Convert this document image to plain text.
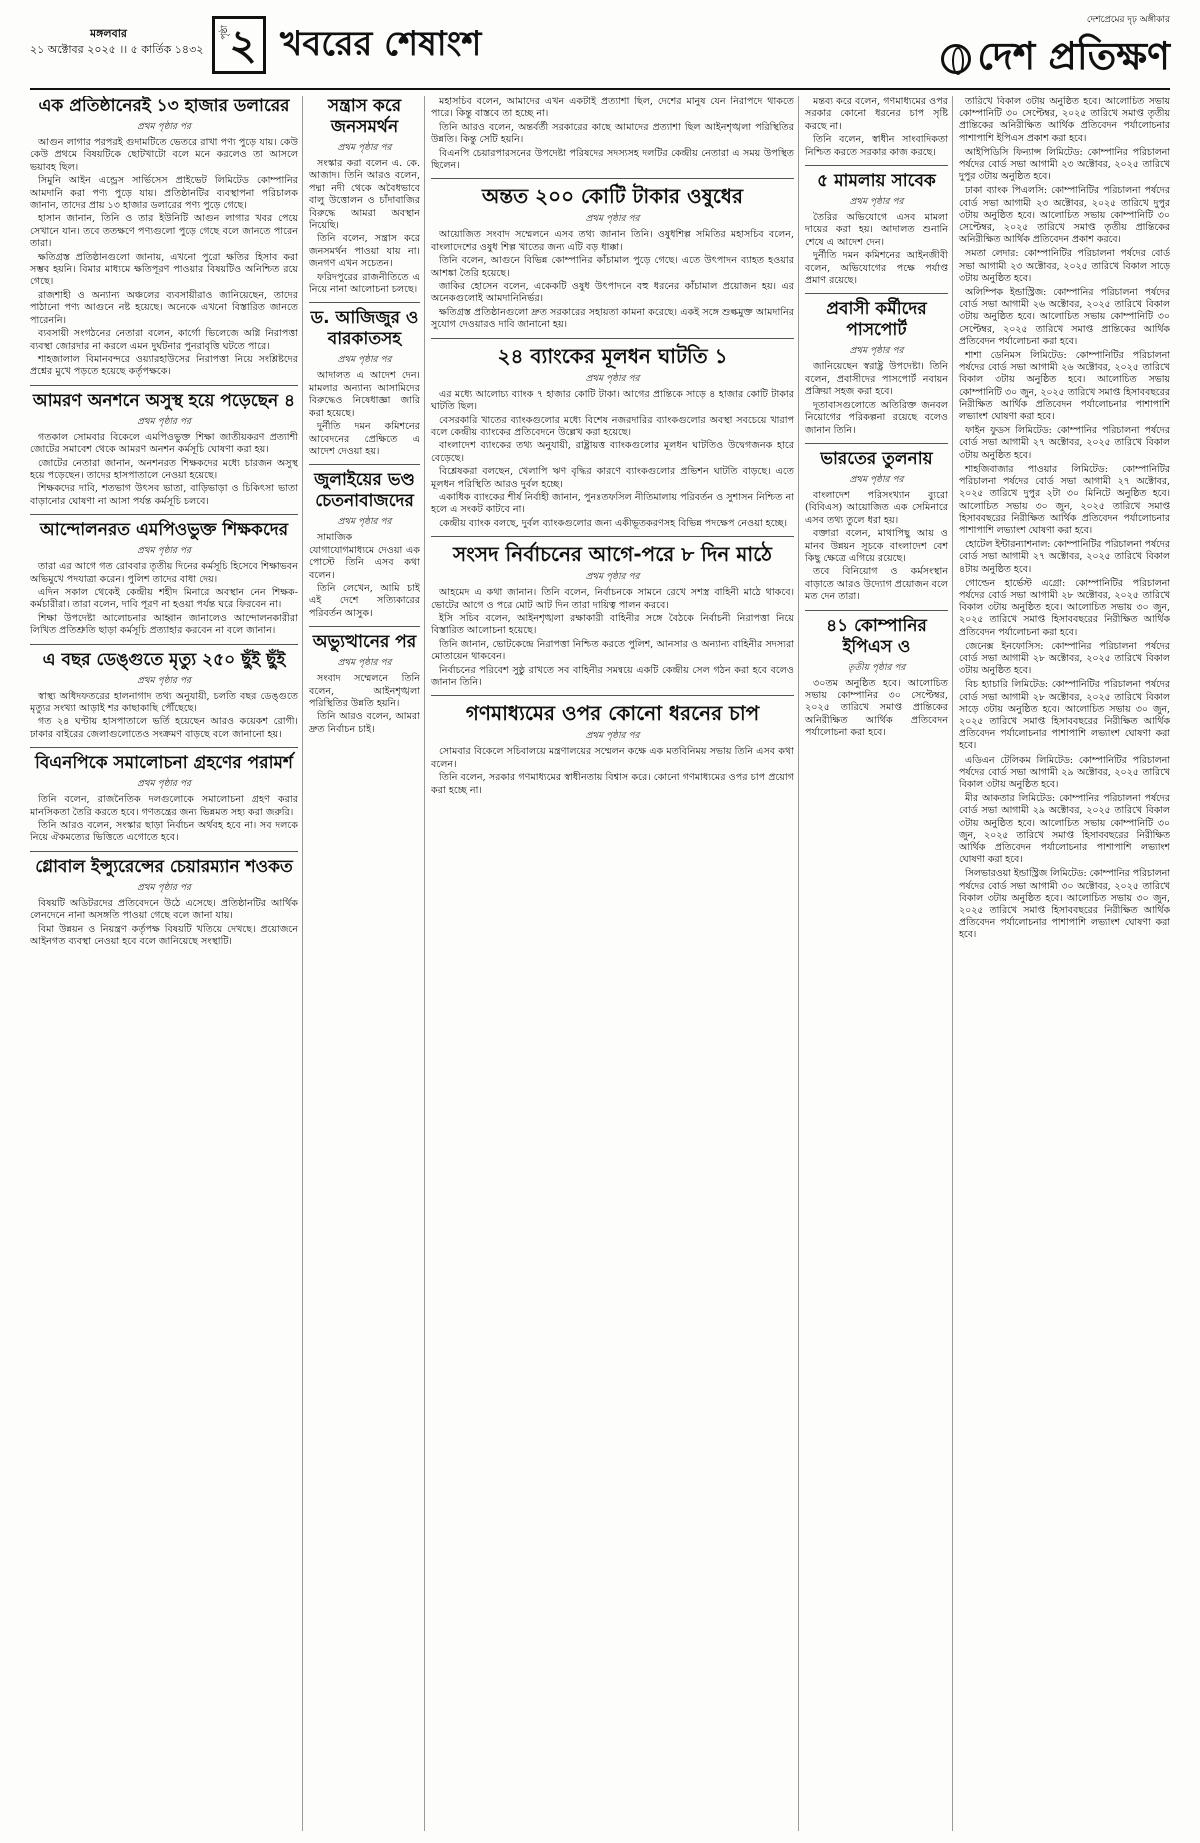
মঙ্গলবার
২১ অক্টোবর ২০২৫ ।। ৫ কার্তিক ১৪৩২
পৃষ্ঠা ২ খবরের শেষাংশ
দেশপ্রেমের দৃঢ় অঙ্গীকার
দেশ প্রতিক্ষণ
এক প্রতিষ্ঠানেরই ১৩ হাজার ডলারের
প্রথম পৃষ্ঠার পর

আগুন লাগার পরপরই গুদামটিতে ভেতরে রাখা পণ্য পুড়ে যায়। কেউ কেউ প্রথমে বিষয়টিকে ছোটখাটো বলে মনে করলেও তা আসলে ভয়াবহ ছিল।

সিমুনি আইন এন্ড্রেস সার্ভিসেস প্রাইভেট লিমিটেড কোম্পানির আমদানি করা পণ্য পুড়ে যায়। প্রতিষ্ঠানটির ব্যবস্থাপনা পরিচালক জানান, তাদের প্রায় ১৩ হাজার ডলারের পণ্য পুড়ে গেছে।

হাসান জানান, তিনি ও তার ইউনিটি আগুন লাগার খবর পেয়ে সেখানে যান। তবে ততক্ষণে পণ্যগুলো পুড়ে গেছে বলে জানতে পারেন তারা।

ক্ষতিগ্রস্ত প্রতিষ্ঠানগুলো জানায়, এখনো পুরো ক্ষতির হিসাব করা সম্ভব হয়নি। বিমার মাধ্যমে ক্ষতিপূরণ পাওয়ার বিষয়টিও অনিশ্চিত রয়ে গেছে।

রাজশাহী ও অন্যান্য অঞ্চলের ব্যবসায়ীরাও জানিয়েছেন, তাদের পাঠানো পণ্য আগুনে নষ্ট হয়েছে। অনেকে এখনো বিস্তারিত জানতে পারেননি।

ব্যবসায়ী সংগঠনের নেতারা বলেন, কার্গো ভিলেজে অগ্নি নিরাপত্তা ব্যবস্থা জোরদার না করলে এমন দুর্ঘটনার পুনরাবৃত্তি ঘটতে পারে।

শাহজালাল বিমানবন্দরে ওয়্যারহাউসের নিরাপত্তা নিয়ে সংশ্লিষ্টদের প্রশ্নের মুখে পড়তে হয়েছে কর্তৃপক্ষকে।

আমরণ অনশনে অসুস্থ হয়ে পড়েছেন ৪
প্রথম পৃষ্ঠার পর

গতকাল সোমবার বিকেলে এমপিওভুক্ত শিক্ষা জাতীয়করণ প্রত্যাশী জোটের সমাবেশ থেকে আমরণ অনশন কর্মসূচি ঘোষণা করা হয়।

জোটের নেতারা জানান, অনশনরত শিক্ষকদের মধ্যে চারজন অসুস্থ হয়ে পড়েছেন। তাদের হাসপাতালে নেওয়া হয়েছে।

শিক্ষকদের দাবি, শতভাগ উৎসব ভাতা, বাড়িভাড়া ও চিকিৎসা ভাতা বাড়ানোর ঘোষণা না আসা পর্যন্ত কর্মসূচি চলবে।

আন্দোলনরত এমপিওভুক্ত শিক্ষকদের
প্রথম পৃষ্ঠার পর

তারা এর আগে গত রোববার তৃতীয় দিনের কর্মসূচি হিসেবে শিক্ষাভবন অভিমুখে পদযাত্রা করেন। পুলিশ তাদের বাধা দেয়।

এদিন সকাল থেকেই কেন্দ্রীয় শহীদ মিনারে অবস্থান নেন শিক্ষক-কর্মচারীরা। তারা বলেন, দাবি পূরণ না হওয়া পর্যন্ত ঘরে ফিরবেন না।

শিক্ষা উপদেষ্টা আলোচনার আহ্বান জানালেও আন্দোলনকারীরা লিখিত প্রতিশ্রুতি ছাড়া কর্মসূচি প্রত্যাহার করবেন না বলে জানান।

এ বছর ডেঙ্গুতে মৃত্যু ২৫০ ছুঁই ছুঁই
প্রথম পৃষ্ঠার পর

স্বাস্থ্য অধিদফতরের হালনাগাদ তথ্য অনুযায়ী, চলতি বছর ডেঙ্গুতে মৃত্যুর সংখ্যা আড়াই শর কাছাকাছি পৌঁছেছে।

গত ২৪ ঘণ্টায় হাসপাতালে ভর্তি হয়েছেন আরও কয়েকশ রোগী। ঢাকার বাইরের জেলাগুলোতেও সংক্রমণ বাড়ছে বলে জানানো হয়।

বিএনপিকে সমালোচনা গ্রহণের পরামর্শ
প্রথম পৃষ্ঠার পর

তিনি বলেন, রাজনৈতিক দলগুলোকে সমালোচনা গ্রহণ করার মানসিকতা তৈরি করতে হবে। গণতন্ত্রের জন্য ভিন্নমত সহ্য করা জরুরি।

তিনি আরও বলেন, সংস্কার ছাড়া নির্বাচন অর্থবহ হবে না। সব দলকে নিয়ে ঐকমত্যের ভিত্তিতে এগোতে হবে।

গ্লোবাল ইন্স্যুরেন্সের চেয়ারম্যান শওকত
প্রথম পৃষ্ঠার পর

বিষয়টি অডিটরদের প্রতিবেদনে উঠে এসেছে। প্রতিষ্ঠানটির আর্থিক লেনদেনে নানা অসঙ্গতি পাওয়া গেছে বলে জানা যায়।

বিমা উন্নয়ন ও নিয়ন্ত্রণ কর্তৃপক্ষ বিষয়টি খতিয়ে দেখছে। প্রয়োজনে আইনগত ব্যবস্থা নেওয়া হবে বলে জানিয়েছে সংস্থাটি।

সন্ত্রাস করে জনসমর্থন
প্রথম পৃষ্ঠার পর

সংস্কার করা বলেন এ. কে. আজাদ। তিনি আরও বলেন, পদ্মা নদী থেকে অবৈধভাবে বালু উত্তোলন ও চাঁদাবাজির বিরুদ্ধে আমরা অবস্থান নিয়েছি।

তিনি বলেন, সন্ত্রাস করে জনসমর্থন পাওয়া যায় না। জনগণ এখন সচেতন।

ফরিদপুরের রাজনীতিতে এ নিয়ে নানা আলোচনা চলছে।

ড. আজিজুর ও বারকাতসহ
প্রথম পৃষ্ঠার পর

আদালত এ আদেশ দেন। মামলার অন্যান্য আসামিদের বিরুদ্ধেও নিষেধাজ্ঞা জারি করা হয়েছে।

দুর্নীতি দমন কমিশনের আবেদনের প্রেক্ষিতে এ আদেশ দেওয়া হয়।

জুলাইয়ের ভণ্ড চেতনাবাজদের
প্রথম পৃষ্ঠার পর

সামাজিক যোগাযোগমাধ্যমে দেওয়া এক পোস্টে তিনি এসব কথা বলেন।

তিনি লেখেন, আমি চাই এই দেশে সত্যিকারের পরিবর্তন আসুক।

অভ্যুত্থানের পর
প্রথম পৃষ্ঠার পর

সংবাদ সম্মেলনে তিনি বলেন, আইনশৃঙ্খলা পরিস্থিতির উন্নতি হয়নি।

তিনি আরও বলেন, আমরা দ্রুত নির্বাচন চাই।

মহাসচিব বলেন, আমাদের এখন একটাই প্রত্যাশা ছিল, দেশের মানুষ যেন নিরাপদে থাকতে পারে। কিন্তু বাস্তবে তা হচ্ছে না।

তিনি আরও বলেন, অন্তর্বর্তী সরকারের কাছে আমাদের প্রত্যাশা ছিল আইনশৃঙ্খলা পরিস্থিতির উন্নতি। কিন্তু সেটি হয়নি।

বিএনপি চেয়ারপারসনের উপদেষ্টা পরিষদের সদস্যসহ দলটির কেন্দ্রীয় নেতারা এ সময় উপস্থিত ছিলেন।

অন্তত ২০০ কোটি টাকার ওষুধের
প্রথম পৃষ্ঠার পর

আয়োজিত সংবাদ সম্মেলনে এসব তথ্য জানান তিনি। ওষুধশিল্প সমিতির মহাসচিব বলেন, বাংলাদেশের ওষুধ শিল্প খাতের জন্য এটি বড় ধাক্কা।

তিনি বলেন, আগুনে বিভিন্ন কোম্পানির কাঁচামাল পুড়ে গেছে। এতে উৎপাদন ব্যাহত হওয়ার আশঙ্কা তৈরি হয়েছে।

জাকির হোসেন বলেন, একেকটি ওষুধ উৎপাদনে বহু ধরনের কাঁচামাল প্রয়োজন হয়। এর অনেকগুলোই আমদানিনির্ভর।

ক্ষতিগ্রস্ত প্রতিষ্ঠানগুলো দ্রুত সরকারের সহায়তা কামনা করেছে। একই সঙ্গে শুল্কমুক্ত আমদানির সুযোগ দেওয়ারও দাবি জানানো হয়।

২৪ ব্যাংকের মূলধন ঘাটতি ১
প্রথম পৃষ্ঠার পর

এর মধ্যে আলোচ্য ব্যাংক ৭ হাজার কোটি টাকা। আগের প্রান্তিকে সাড়ে ৪ হাজার কোটি টাকার ঘাটতি ছিল।

বেসরকারি খাতের ব্যাংকগুলোর মধ্যে বিশেষ নজরদারির ব্যাংকগুলোর অবস্থা সবচেয়ে খারাপ বলে কেন্দ্রীয় ব্যাংকের প্রতিবেদনে উল্লেখ করা হয়েছে।

বাংলাদেশ ব্যাংকের তথ্য অনুযায়ী, রাষ্ট্রায়ত্ত ব্যাংকগুলোর মূলধন ঘাটতিও উদ্বেগজনক হারে বেড়েছে।

বিশ্লেষকরা বলছেন, খেলাপি ঋণ বৃদ্ধির কারণে ব্যাংকগুলোর প্রভিশন ঘাটতি বাড়ছে। এতে মূলধন পরিস্থিতি আরও দুর্বল হচ্ছে।

একাধিক ব্যাংকের শীর্ষ নির্বাহী জানান, পুনঃতফসিল নীতিমালায় পরিবর্তন ও সুশাসন নিশ্চিত না হলে এ সংকট কাটবে না।

কেন্দ্রীয় ব্যাংক বলছে, দুর্বল ব্যাংকগুলোর জন্য একীভূতকরণসহ বিভিন্ন পদক্ষেপ নেওয়া হচ্ছে।

সংসদ নির্বাচনের আগে-পরে ৮ দিন মাঠে
প্রথম পৃষ্ঠার পর

আহমেদ এ কথা জানান। তিনি বলেন, নির্বাচনকে সামনে রেখে সশস্ত্র বাহিনী মাঠে থাকবে। ভোটের আগে ও পরে মোট আট দিন তারা দায়িত্ব পালন করবে।

ইসি সচিব বলেন, আইনশৃঙ্খলা রক্ষাকারী বাহিনীর সঙ্গে বৈঠকে নির্বাচনী নিরাপত্তা নিয়ে বিস্তারিত আলোচনা হয়েছে।

তিনি জানান, ভোটকেন্দ্রে নিরাপত্তা নিশ্চিত করতে পুলিশ, আনসার ও অন্যান্য বাহিনীর সদস্যরা মোতায়েন থাকবেন।

নির্বাচনের পরিবেশ সুষ্ঠু রাখতে সব বাহিনীর সমন্বয়ে একটি কেন্দ্রীয় সেল গঠন করা হবে বলেও জানান তিনি।

গণমাধ্যমের ওপর কোনো ধরনের চাপ
প্রথম পৃষ্ঠার পর

সোমবার বিকেলে সচিবালয়ে মন্ত্রণালয়ের সম্মেলন কক্ষে এক মতবিনিময় সভায় তিনি এসব কথা বলেন।

তিনি বলেন, সরকার গণমাধ্যমের স্বাধীনতায় বিশ্বাস করে। কোনো গণমাধ্যমের ওপর চাপ প্রয়োগ করা হচ্ছে না।

মন্তব্য করে বলেন, গণমাধ্যমের ওপর সরকার কোনো ধরনের চাপ সৃষ্টি করছে না।

তিনি বলেন, স্বাধীন সাংবাদিকতা নিশ্চিত করতে সরকার কাজ করছে।

৫ মামলায় সাবেক
প্রথম পৃষ্ঠার পর

তৈরির অভিযোগে এসব মামলা দায়ের করা হয়। আদালত শুনানি শেষে এ আদেশ দেন।

দুর্নীতি দমন কমিশনের আইনজীবী বলেন, অভিযোগের পক্ষে পর্যাপ্ত প্রমাণ রয়েছে।

প্রবাসী কর্মীদের পাসপোর্ট
প্রথম পৃষ্ঠার পর

জানিয়েছেন স্বরাষ্ট্র উপদেষ্টা। তিনি বলেন, প্রবাসীদের পাসপোর্ট নবায়ন প্রক্রিয়া সহজ করা হবে।

দূতাবাসগুলোতে অতিরিক্ত জনবল নিয়োগের পরিকল্পনা রয়েছে বলেও জানান তিনি।

ভারতের তুলনায়
প্রথম পৃষ্ঠার পর

বাংলাদেশ পরিসংখ্যান ব্যুরো (বিবিএস) আয়োজিত এক সেমিনারে এসব তথ্য তুলে ধরা হয়।

বক্তারা বলেন, মাথাপিছু আয় ও মানব উন্নয়ন সূচকে বাংলাদেশ বেশ কিছু ক্ষেত্রে এগিয়ে রয়েছে।

তবে বিনিয়োগ ও কর্মসংস্থান বাড়াতে আরও উদ্যোগ প্রয়োজন বলে মত দেন তারা।

৪১ কোম্পানির ইপিএস ও
তৃতীয় পৃষ্ঠার পর

৩০তম অনুষ্ঠিত হবে। আলোচিত সভায় কোম্পানির ৩০ সেপ্টেম্বর, ২০২৫ তারিখে সমাপ্ত প্রান্তিকের অনিরীক্ষিত আর্থিক প্রতিবেদন পর্যালোচনা করা হবে।

তারিখে বিকাল ৩টায় অনুষ্ঠিত হবে। আলোচিত সভায় কোম্পানিটি ৩০ সেপ্টেম্বর, ২০২৫ তারিখে সমাপ্ত তৃতীয় প্রান্তিকের অনিরীক্ষিত আর্থিক প্রতিবেদন পর্যালোচনার পাশাপাশি ইপিএস প্রকাশ করা হবে।

আইপিডিসি ফিন্যান্স লিমিটেড: কোম্পানির পরিচালনা পর্ষদের বোর্ড সভা আগামী ২৩ অক্টোবর, ২০২৫ তারিখে দুপুর ৩টায় অনুষ্ঠিত হবে।

ঢাকা ব্যাংক পিএলসি: কোম্পানিটির পরিচালনা পর্ষদের বোর্ড সভা আগামী ২৩ অক্টোবর, ২০২৫ তারিখে দুপুর ৩টায় অনুষ্ঠিত হবে। আলোচিত সভায় কোম্পানিটি ৩০ সেপ্টেম্বর, ২০২৫ তারিখে সমাপ্ত তৃতীয় প্রান্তিকের অনিরীক্ষিত আর্থিক প্রতিবেদন প্রকাশ করবে।

সমতা লেদার: কোম্পানিটির পরিচালনা পর্ষদের বোর্ড সভা আগামী ২৩ অক্টোবর, ২০২৫ তারিখে বিকাল সাড়ে ৩টায় অনুষ্ঠিত হবে।

অলিম্পিক ইন্ডাস্ট্রিজ: কোম্পানির পরিচালনা পর্ষদের বোর্ড সভা আগামী ২৬ অক্টোবর, ২০২৫ তারিখে বিকাল ৩টায় অনুষ্ঠিত হবে। আলোচিত সভায় কোম্পানিটি ৩০ সেপ্টেম্বর, ২০২৫ তারিখে সমাপ্ত প্রান্তিকের আর্থিক প্রতিবেদন পর্যালোচনা করা হবে।

শাশা ডেনিমস লিমিটেড: কোম্পানিটির পরিচালনা পর্ষদের বোর্ড সভা আগামী ২৬ অক্টোবর, ২০২৫ তারিখে বিকাল ৩টায় অনুষ্ঠিত হবে। আলোচিত সভায় কোম্পানিটি ৩০ জুন, ২০২৫ তারিখে সমাপ্ত হিসাববছরের নিরীক্ষিত আর্থিক প্রতিবেদন পর্যালোচনার পাশাপাশি লভ্যাংশ ঘোষণা করা হবে।

ফাইন ফুডস লিমিটেড: কোম্পানির পরিচালনা পর্ষদের বোর্ড সভা আগামী ২৭ অক্টোবর, ২০২৫ তারিখে বিকাল ৩টায় অনুষ্ঠিত হবে।

শাহজিবাজার পাওয়ার লিমিটেড: কোম্পানিটির পরিচালনা পর্ষদের বোর্ড সভা আগামী ২৭ অক্টোবর, ২০২৫ তারিখে দুপুর ২টা ৩০ মিনিটে অনুষ্ঠিত হবে। আলোচিত সভায় ৩০ জুন, ২০২৫ তারিখে সমাপ্ত হিসাববছরের নিরীক্ষিত আর্থিক প্রতিবেদন পর্যালোচনার পাশাপাশি লভ্যাংশ ঘোষণা করা হবে।

হোটেল ইন্টারন্যাশনাল: কোম্পানিটির পরিচালনা পর্ষদের বোর্ড সভা আগামী ২৭ অক্টোবর, ২০২৫ তারিখে বিকাল ৪টায় অনুষ্ঠিত হবে।

গোল্ডেন হার্ভেস্ট এগ্রো: কোম্পানিটির পরিচালনা পর্ষদের বোর্ড সভা আগামী ২৮ অক্টোবর, ২০২৫ তারিখে বিকাল ৩টায় অনুষ্ঠিত হবে। আলোচিত সভায় ৩০ জুন, ২০২৫ তারিখে সমাপ্ত হিসাববছরের নিরীক্ষিত আর্থিক প্রতিবেদন পর্যালোচনা করা হবে।

জেনেক্স ইনফোসিস: কোম্পানির পরিচালনা পর্ষদের বোর্ড সভা আগামী ২৮ অক্টোবর, ২০২৫ তারিখে বিকাল ৩টায় অনুষ্ঠিত হবে।

বিচ হ্যাচারি লিমিটেড: কোম্পানিটির পরিচালনা পর্ষদের বোর্ড সভা আগামী ২৮ অক্টোবর, ২০২৫ তারিখে বিকাল সাড়ে ৩টায় অনুষ্ঠিত হবে। আলোচিত সভায় ৩০ জুন, ২০২৫ তারিখে সমাপ্ত হিসাববছরের নিরীক্ষিত আর্থিক প্রতিবেদন পর্যালোচনার পাশাপাশি লভ্যাংশ ঘোষণা করা হবে।

এডিএন টেলিকম লিমিটেড: কোম্পানিটির পরিচালনা পর্ষদের বোর্ড সভা আগামী ২৯ অক্টোবর, ২০২৫ তারিখে বিকাল ৩টায় অনুষ্ঠিত হবে।

মীর আকতার লিমিটেড: কোম্পানির পরিচালনা পর্ষদের বোর্ড সভা আগামী ২৯ অক্টোবর, ২০২৫ তারিখে বিকাল ৩টায় অনুষ্ঠিত হবে। আলোচিত সভায় কোম্পানিটি ৩০ জুন, ২০২৫ তারিখে সমাপ্ত হিসাববছরের নিরীক্ষিত আর্থিক প্রতিবেদন পর্যালোচনার পাশাপাশি লভ্যাংশ ঘোষণা করা হবে।

সিলভারওয়া ইন্ডাস্ট্রিজ লিমিটেড: কোম্পানির পরিচালনা পর্ষদের বোর্ড সভা আগামী ৩০ অক্টোবর, ২০২৫ তারিখে বিকাল ৩টায় অনুষ্ঠিত হবে। আলোচিত সভায় ৩০ জুন, ২০২৫ তারিখে সমাপ্ত হিসাববছরের নিরীক্ষিত আর্থিক প্রতিবেদন পর্যালোচনার পাশাপাশি লভ্যাংশ ঘোষণা করা হবে।
